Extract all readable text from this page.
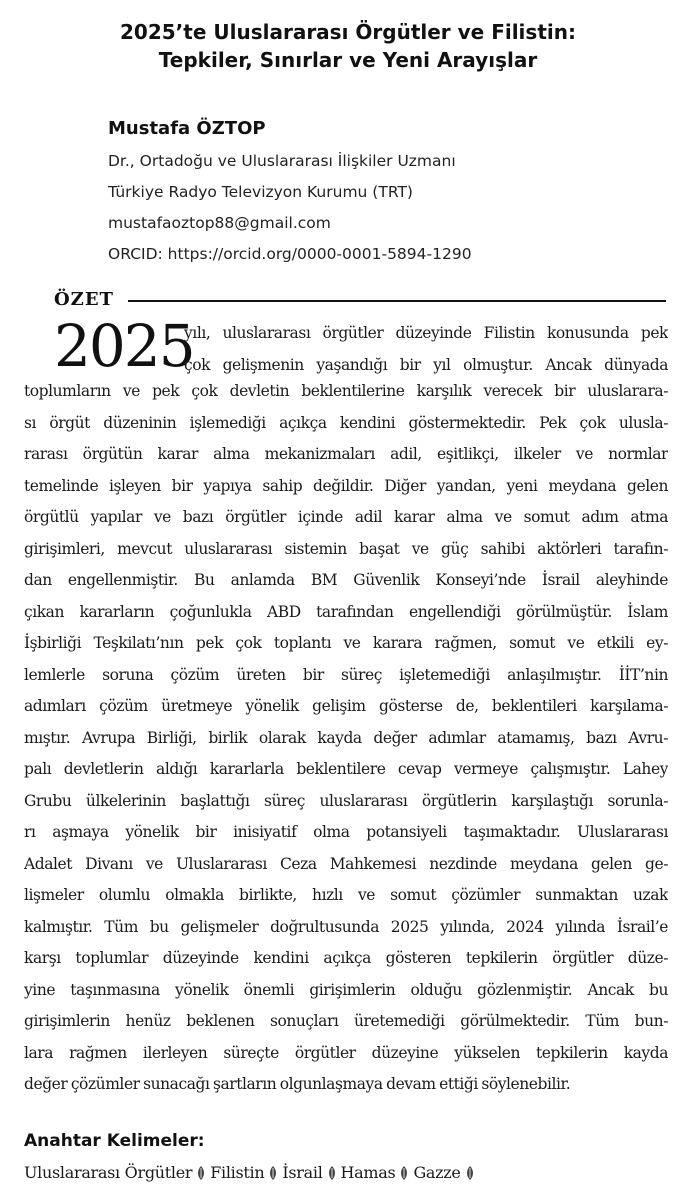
2025’te Uluslararası Örgütler ve Filistin:
Tepkiler, Sınırlar ve Yeni Arayışlar
Mustafa ÖZTOP
Dr., Ortadoğu ve Uluslararası İlişkiler Uzmanı
Türkiye Radyo Televizyon Kurumu (TRT)
mustafaoztop88@gmail.com
ORCID: https://orcid.org/0000-0001-5894-1290
ÖZET
2025
yılı, uluslararası örgütler düzeyinde Filistin konusunda pek
çok gelişmenin yaşandığı bir yıl olmuştur. Ancak dünyada
toplumların ve pek çok devletin beklentilerine karşılık verecek bir uluslarara-
sı örgüt düzeninin işlemediği açıkça kendini göstermektedir. Pek çok ulusla-
rarası örgütün karar alma mekanizmaları adil, eşitlikçi, ilkeler ve normlar
temelinde işleyen bir yapıya sahip değildir. Diğer yandan, yeni meydana gelen
örgütlü yapılar ve bazı örgütler içinde adil karar alma ve somut adım atma
girişimleri, mevcut uluslararası sistemin başat ve güç sahibi aktörleri tarafın-
dan engellenmiştir. Bu anlamda BM Güvenlik Konseyi’nde İsrail aleyhinde
çıkan kararların çoğunlukla ABD tarafından engellendiği görülmüştür. İslam
İşbirliği Teşkilatı’nın pek çok toplantı ve karara rağmen, somut ve etkili ey-
lemlerle soruna çözüm üreten bir süreç işletemediği anlaşılmıştır. İİT’nin
adımları çözüm üretmeye yönelik gelişim gösterse de, beklentileri karşılama-
mıştır. Avrupa Birliği, birlik olarak kayda değer adımlar atamamış, bazı Avru-
palı devletlerin aldığı kararlarla beklentilere cevap vermeye çalışmıştır. Lahey
Grubu ülkelerinin başlattığı süreç uluslararası örgütlerin karşılaştığı sorunla-
rı aşmaya yönelik bir inisiyatif olma potansiyeli taşımaktadır. Uluslararası
Adalet Divanı ve Uluslararası Ceza Mahkemesi nezdinde meydana gelen ge-
lişmeler olumlu olmakla birlikte, hızlı ve somut çözümler sunmaktan uzak
kalmıştır. Tüm bu gelişmeler doğrultusunda 2025 yılında, 2024 yılında İsrail’e
karşı toplumlar düzeyinde kendini açıkça gösteren tepkilerin örgütler düze-
yine taşınmasına yönelik önemli girişimlerin olduğu gözlenmiştir. Ancak bu
girişimlerin henüz beklenen sonuçları üretemediği görülmektedir. Tüm bun-
lara rağmen ilerleyen süreçte örgütler düzeyine yükselen tepkilerin kayda
değer çözümler sunacağı şartların olgunlaşmaya devam ettiği söylenebilir.
Anahtar Kelimeler:
Uluslararası Örgütler Filistin İsrail Hamas Gazze
